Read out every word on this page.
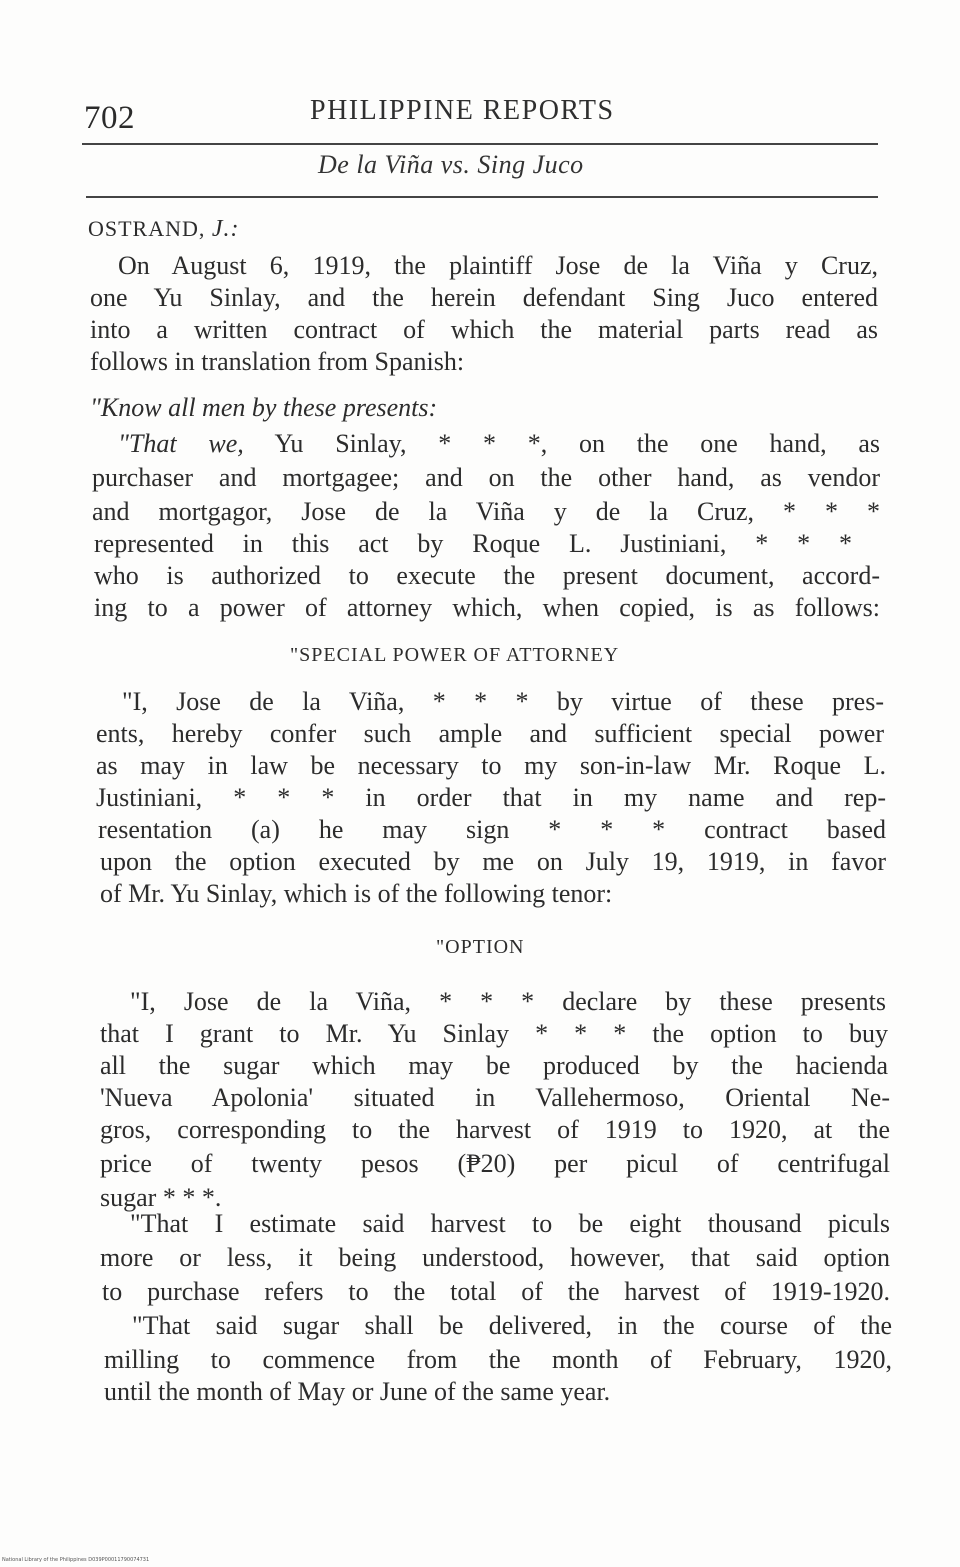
702	PHILIPPINE REPORTS
De la Viña vs. Sing Juco
OSTRAND, J.:
On August 6, 1919, the plaintiff Jose de la Viña y Cruz,
one Yu Sinlay, and the herein defendant Sing Juco entered
into a written contract of which the material parts read as
follows in translation from Spanish:
"Know all men by these presents:
"That we, Yu Sinlay, * * *, on the one hand, as
purchaser and mortgagee; and on the other hand, as vendor
and mortgagor, Jose de la Viña y de la Cruz, * * *
represented in this act by Roque L. Justiniani, * * *
who is authorized to execute the present document, accord-
ing to a power of attorney which, when copied, is as follows:
"SPECIAL POWER OF ATTORNEY
"I, Jose de la Viña, * * * by virtue of these pres-
ents, hereby confer such ample and sufficient special power
as may in law be necessary to my son-in-law Mr. Roque L.
Justiniani, * * * in order that in my name and rep-
resentation (a) he may sign * * * contract based
upon the option executed by me on July 19, 1919, in favor
of Mr. Yu Sinlay, which is of the following tenor:
"OPTION
"I, Jose de la Viña, * * * declare by these presents
that I grant to Mr. Yu Sinlay * * * the option to buy
all the sugar which may be produced by the hacienda
'Nueva Apolonia' situated in Vallehermoso, Oriental Ne-
gros, corresponding to the harvest of 1919 to 1920, at the
price of twenty pesos (₱20) per picul of centrifugal
sugar * * *.
"That I estimate said harvest to be eight thousand piculs
more or less, it being understood, however, that said option
to purchase refers to the total of the harvest of 1919-1920.
"That said sugar shall be delivered, in the course of the
milling to commence from the month of February, 1920,
until the month of May or June of the same year.
National Library of the Philippines D039P00011790074731
